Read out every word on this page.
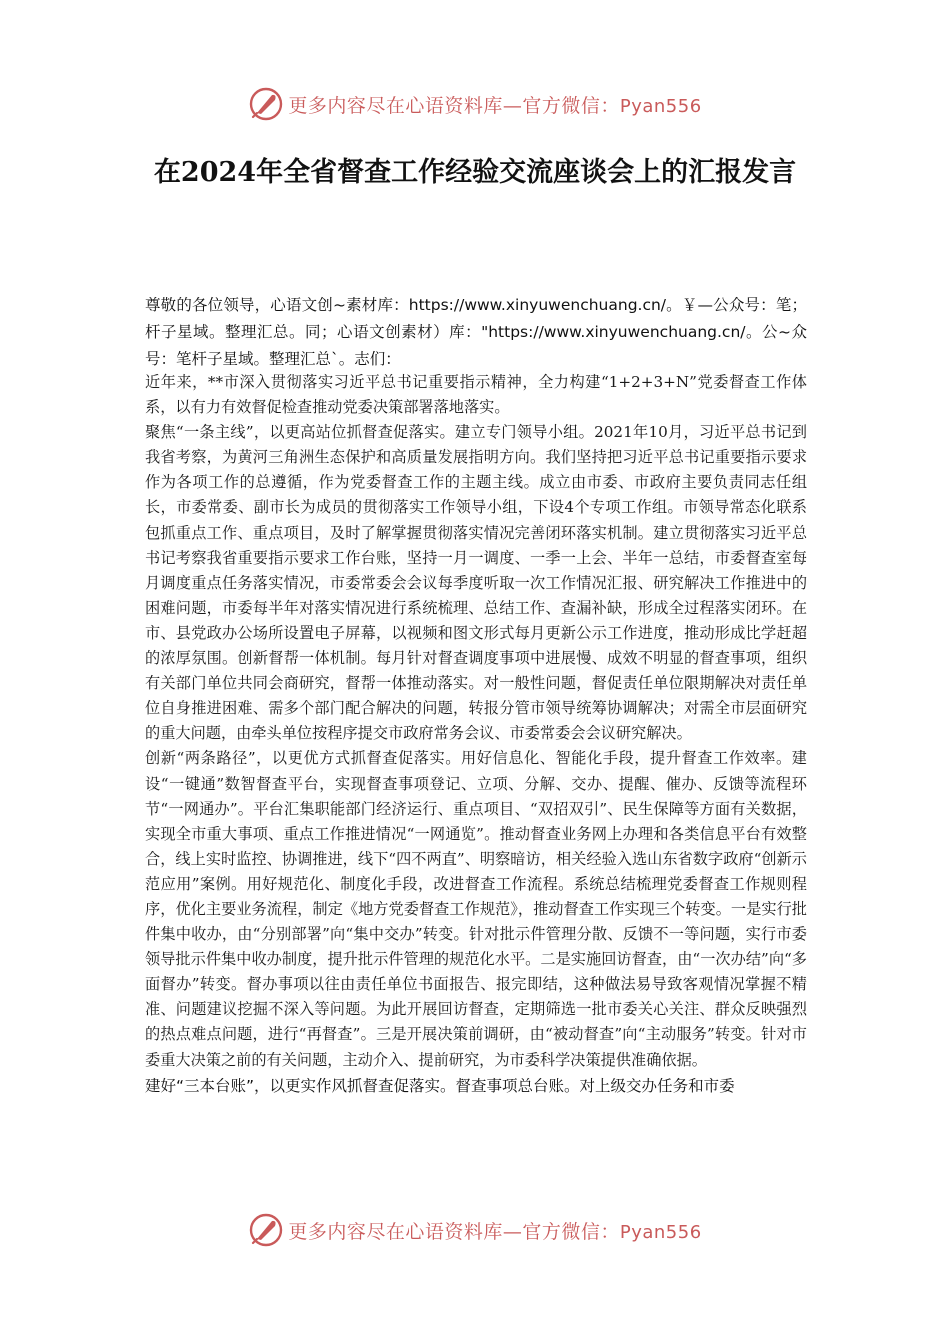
更多内容尽在心语资料库—官方微信：Pyan556
在2024年全省督查工作经验交流座谈会上的汇报发言

尊敬的各位领导，心语文创~素材库：https://www.xinyuwenchuang.cn/。￥—公众号：笔；杆子星域。整理汇总。同；心语文创素材）库："https://www.xinyuwenchuang.cn/。公~众号：笔杆子星域。整理汇总`。志们：

近年来，**市深入贯彻落实习近平总书记重要指示精神，全力构建“1+2+3+N”党委督查工作体系，以有力有效督促检查推动党委决策部署落地落实。

聚焦“一条主线”，以更高站位抓督查促落实。建立专门领导小组。2021年10月，习近平总书记到我省考察，为黄河三角洲生态保护和高质量发展指明方向。我们坚持把习近平总书记重要指示要求作为各项工作的总遵循，作为党委督查工作的主题主线。成立由市委、市政府主要负责同志任组长，市委常委、副市长为成员的贯彻落实工作领导小组，下设4个专项工作组。市领导常态化联系包抓重点工作、重点项目，及时了解掌握贯彻落实情况完善闭环落实机制。建立贯彻落实习近平总书记考察我省重要指示要求工作台账，坚持一月一调度、一季一上会、半年一总结，市委督查室每月调度重点任务落实情况，市委常委会会议每季度听取一次工作情况汇报、研究解决工作推进中的困难问题，市委每半年对落实情况进行系统梳理、总结工作、查漏补缺，形成全过程落实闭环。在市、县党政办公场所设置电子屏幕，以视频和图文形式每月更新公示工作进度，推动形成比学赶超的浓厚氛围。创新督帮一体机制。每月针对督查调度事项中进展慢、成效不明显的督查事项，组织有关部门单位共同会商研究，督帮一体推动落实。对一般性问题，督促责任单位限期解决对责任单位自身推进困难、需多个部门配合解决的问题，转报分管市领导统筹协调解决；对需全市层面研究的重大问题，由牵头单位按程序提交市政府常务会议、市委常委会会议研究解决。

创新“两条路径”，以更优方式抓督查促落实。用好信息化、智能化手段，提升督查工作效率。建设“一键通”数智督查平台，实现督查事项登记、立项、分解、交办、提醒、催办、反馈等流程环节“一网通办”。平台汇集职能部门经济运行、重点项目、“双招双引”、民生保障等方面有关数据，实现全市重大事项、重点工作推进情况“一网通览”。推动督查业务网上办理和各类信息平台有效整合，线上实时监控、协调推进，线下“四不两直”、明察暗访，相关经验入选山东省数字政府“创新示范应用”案例。用好规范化、制度化手段，改进督查工作流程。系统总结梳理党委督查工作规则程序，优化主要业务流程，制定《地方党委督查工作规范》，推动督查工作实现三个转变。一是实行批件集中收办，由“分别部署”向“集中交办”转变。针对批示件管理分散、反馈不一等问题，实行市委领导批示件集中收办制度，提升批示件管理的规范化水平。二是实施回访督查，由“一次办结”向“多面督办”转变。督办事项以往由责任单位书面报告、报完即结，这种做法易导致客观情况掌握不精准、问题建议挖掘不深入等问题。为此开展回访督查，定期筛选一批市委关心关注、群众反映强烈的热点难点问题，进行“再督查”。三是开展决策前调研，由“被动督查”向“主动服务”转变。针对市委重大决策之前的有关问题，主动介入、提前研究，为市委科学决策提供准确依据。

建好“三本台账”，以更实作风抓督查促落实。督查事项总台账。对上级交办任务和市委

更多内容尽在心语资料库—官方微信：Pyan556
